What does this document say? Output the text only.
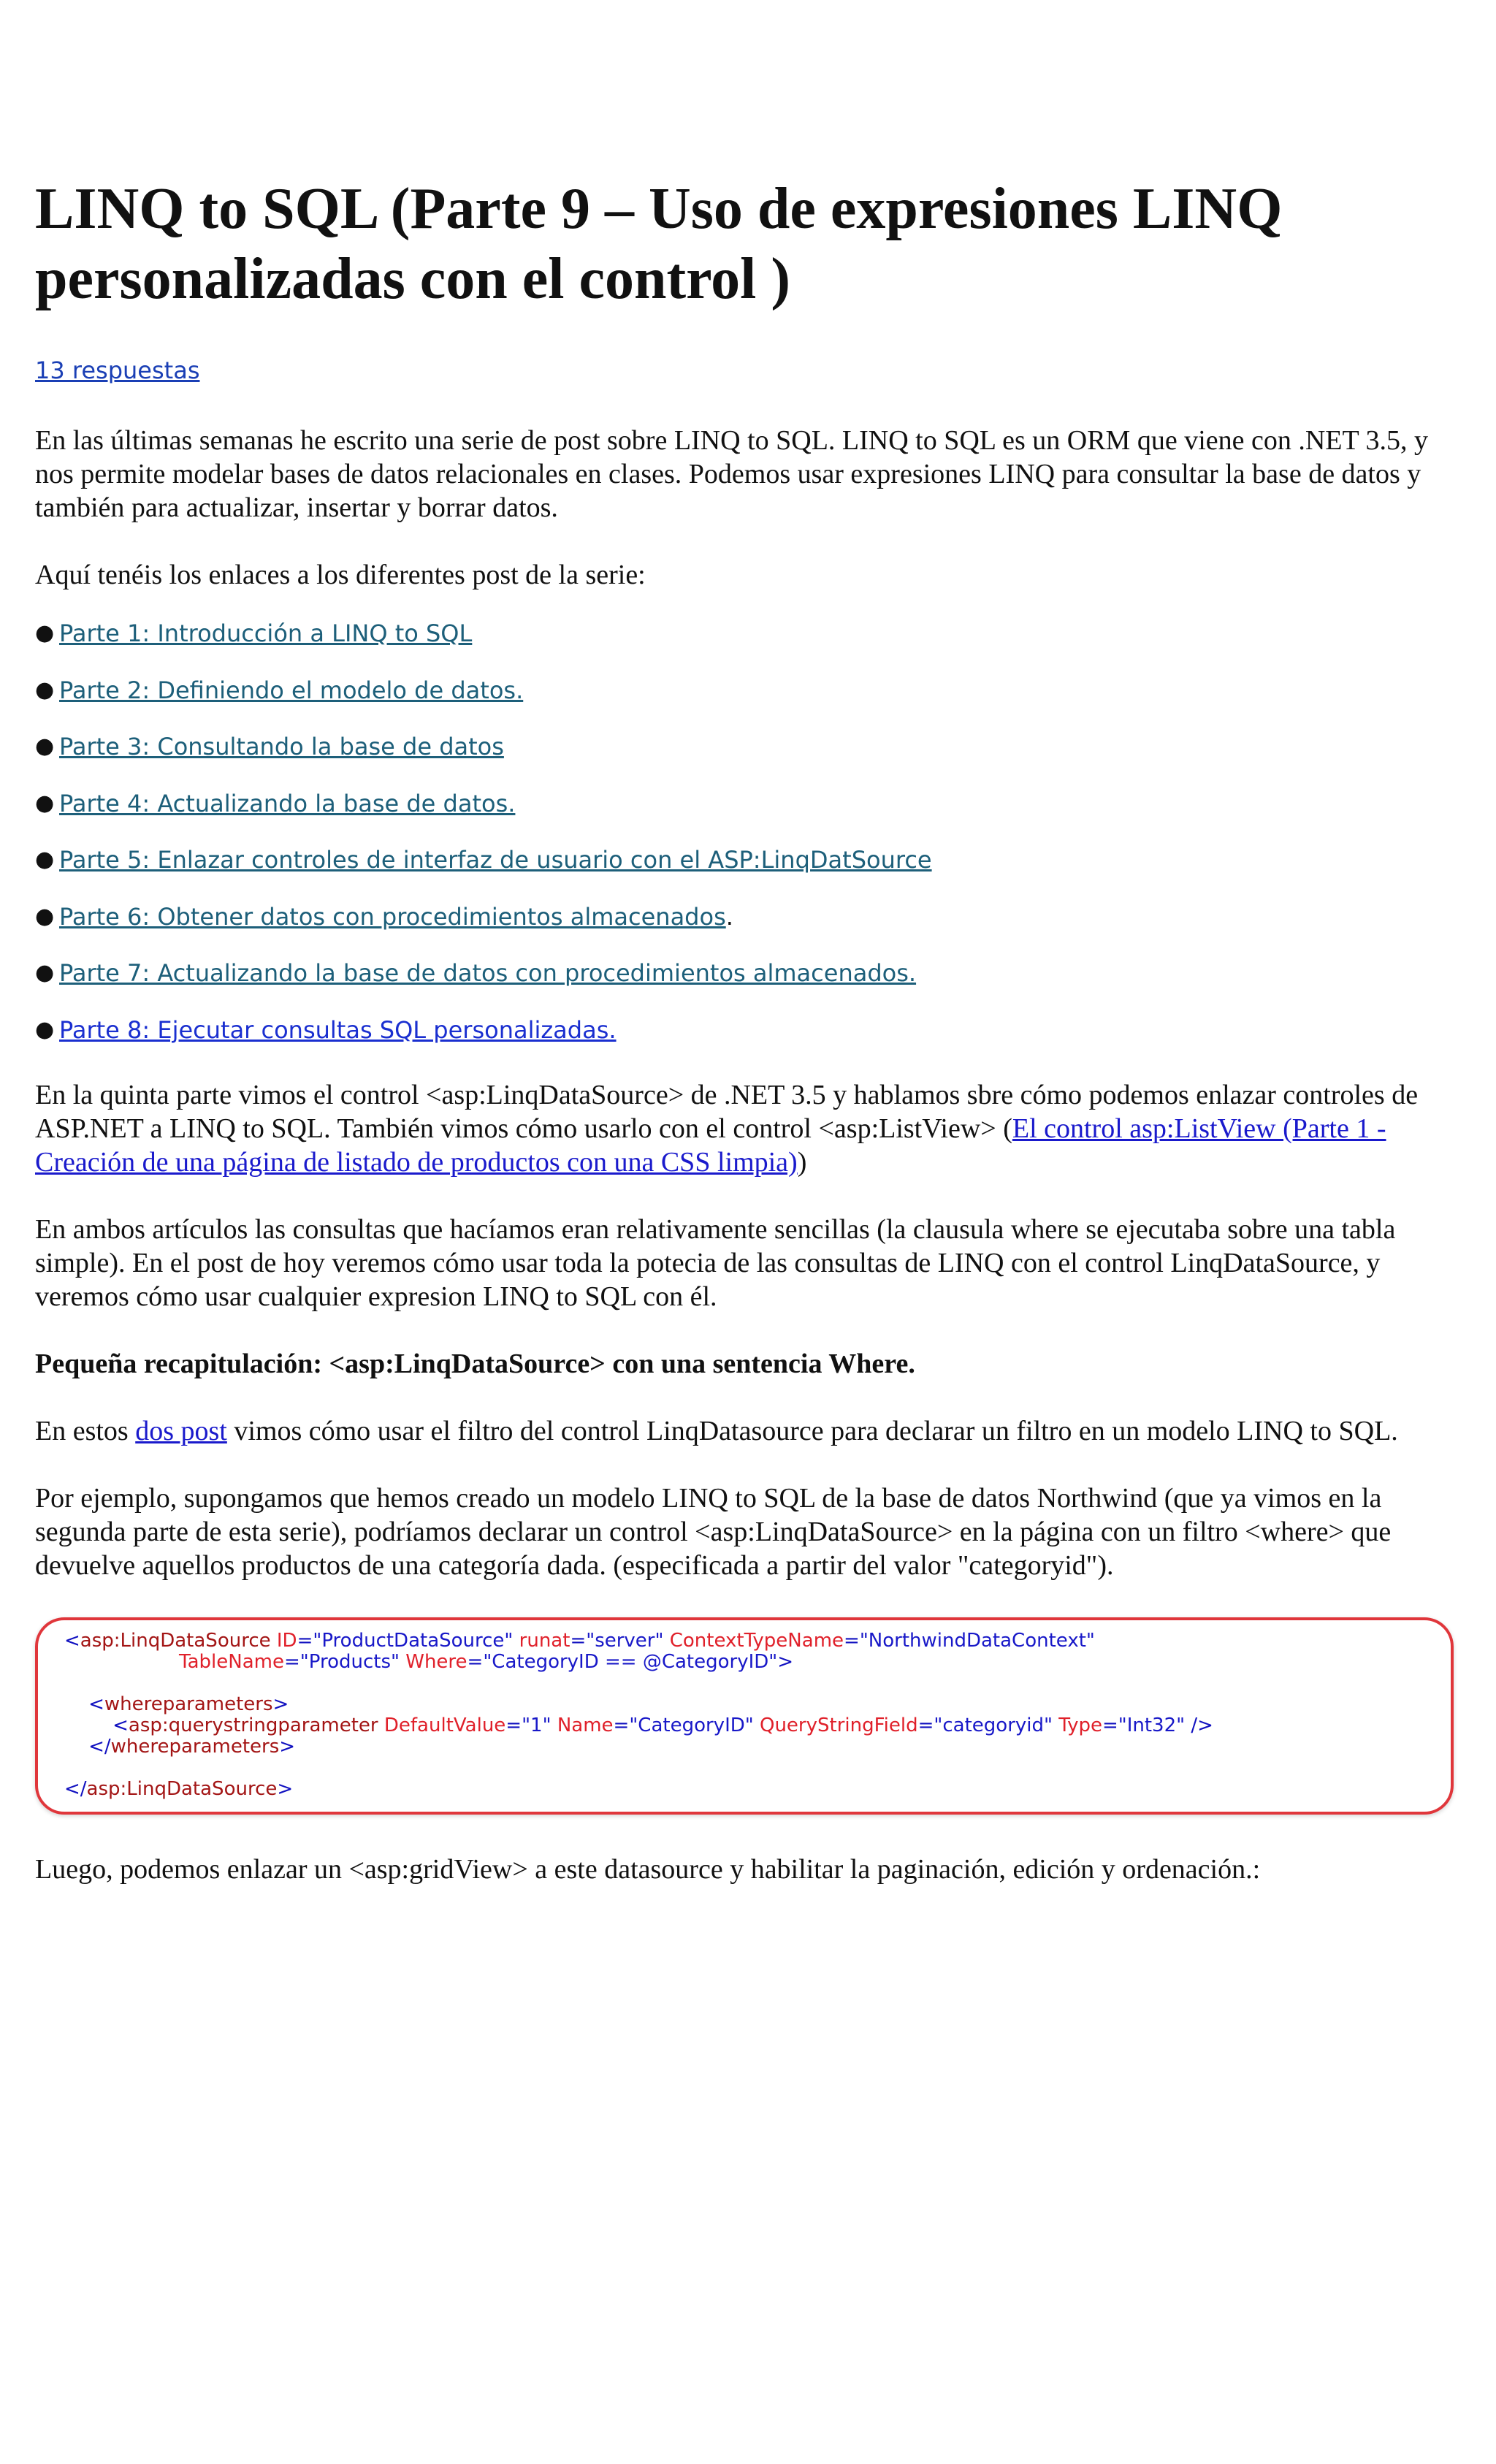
LINQ to SQL (Parte 9 – Uso de expresiones LINQ personalizadas con el control )
13 respuestas

En las últimas semanas he escrito una serie de post sobre LINQ to SQL. LINQ to SQL es un ORM que viene con .NET 3.5, y nos permite modelar bases de datos relacionales en clases. Podemos usar expresiones LINQ para consultar la base de datos y también para actualizar, insertar y borrar datos.

Aquí tenéis los enlaces a los diferentes post de la serie:

● Parte 1: Introducción a LINQ to SQL
● Parte 2: Definiendo el modelo de datos.
● Parte 3: Consultando la base de datos
● Parte 4: Actualizando la base de datos.
● Parte 5: Enlazar controles de interfaz de usuario con el ASP:LinqDatSource
● Parte 6: Obtener datos con procedimientos almacenados.
● Parte 7: Actualizando la base de datos con procedimientos almacenados.
● Parte 8: Ejecutar consultas SQL personalizadas.

En la quinta parte vimos el control <asp:LinqDataSource> de .NET 3.5 y hablamos sbre cómo podemos enlazar controles de ASP.NET a LINQ to SQL. También vimos cómo usarlo con el control <asp:ListView> (El control asp:ListView (Parte 1 - Creación de una página de listado de productos con una CSS limpia))

En ambos artículos las consultas que hacíamos eran relativamente sencillas (la clausula where se ejecutaba sobre una tabla simple). En el post de hoy veremos cómo usar toda la potecia de las consultas de LINQ con el control LinqDataSource, y veremos cómo usar cualquier expresion LINQ to SQL con él.

Pequeña recapitulación: <asp:LinqDataSource> con una sentencia Where.

En estos dos post vimos cómo usar el filtro del control LinqDatasource para declarar un filtro en un modelo LINQ to SQL.

Por ejemplo, supongamos que hemos creado un modelo LINQ to SQL de la base de datos Northwind (que ya vimos en la segunda parte de esta serie), podríamos declarar un control <asp:LinqDataSource> en la página con un filtro <where> que devuelve aquellos productos de una categoría dada. (especificada a partir del valor "categoryid").

<asp:LinqDataSource ID="ProductDataSource" runat="server" ContextTypeName="NorthwindDataContext"
TableName="Products" Where="CategoryID == @CategoryID">
<whereparameters>
<asp:querystringparameter DefaultValue="1" Name="CategoryID" QueryStringField="categoryid" Type="Int32" />
</whereparameters>
</asp:LinqDataSource>

Luego, podemos enlazar un <asp:gridView> a este datasource y habilitar la paginación, edición y ordenación.:
